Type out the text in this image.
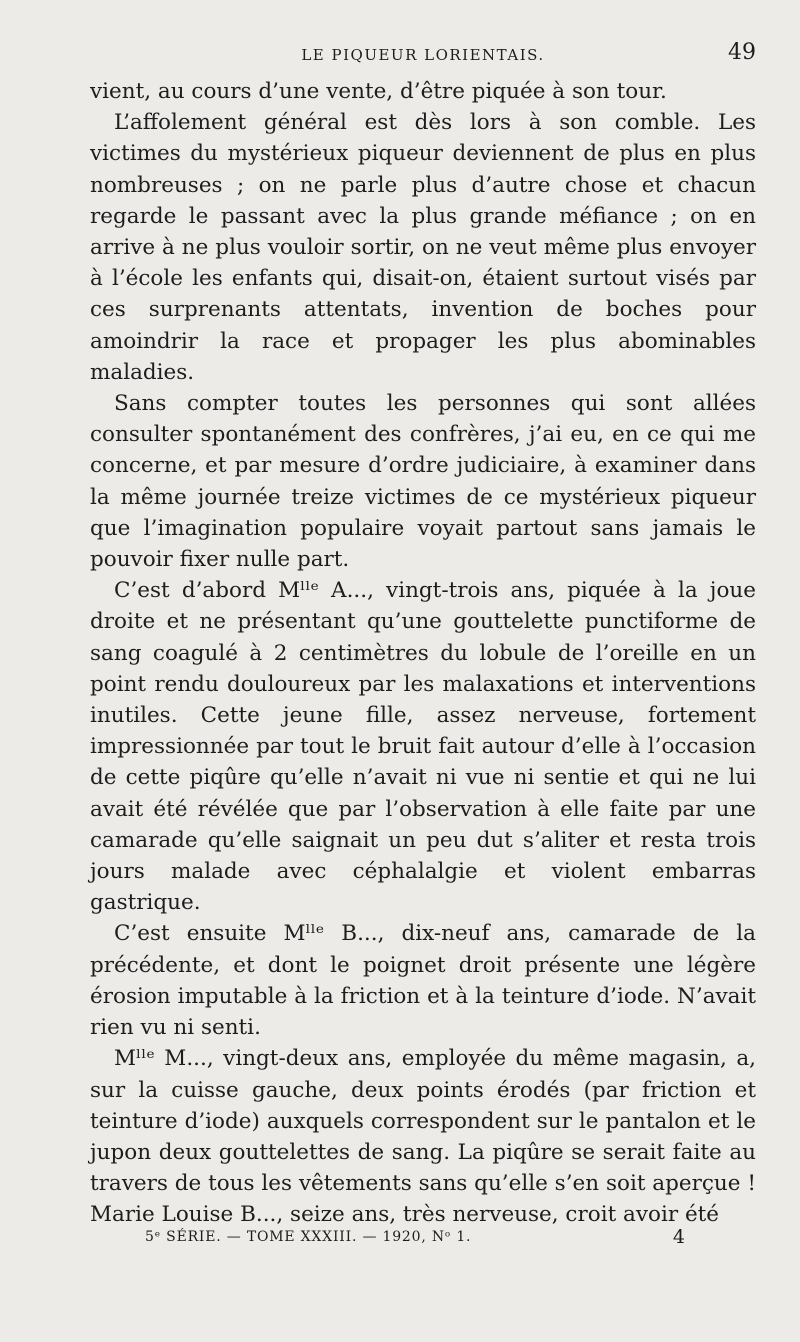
LE PIQUEUR LORIENTAIS.	49

vient, au cours d’une vente, d’être piquée à son tour.

L’affolement général est dès lors à son comble. Les victimes du mystérieux piqueur deviennent de plus en plus nombreuses ; on ne parle plus d’autre chose et chacun regarde le passant avec la plus grande méfiance ; on en arrive à ne plus vouloir sortir, on ne veut même plus envoyer à l’école les enfants qui, disait-on, étaient surtout visés par ces surprenants attentats, invention de boches pour amoindrir la race et propager les plus abominables maladies.

Sans compter toutes les personnes qui sont allées consulter spontanément des confrères, j’ai eu, en ce qui me concerne, et par mesure d’ordre judiciaire, à examiner dans la même journée treize victimes de ce mystérieux piqueur que l’imagination populaire voyait partout sans jamais le pouvoir fixer nulle part.

C’est d’abord Mˡˡᵉ A..., vingt-trois ans, piquée à la joue droite et ne présentant qu’une gouttelette punctiforme de sang coagulé à 2 centimètres du lobule de l’oreille en un point rendu douloureux par les malaxations et interventions inutiles. Cette jeune fille, assez nerveuse, fortement impressionnée par tout le bruit fait autour d’elle à l’occasion de cette piqûre qu’elle n’avait ni vue ni sentie et qui ne lui avait été révélée que par l’observation à elle faite par une camarade qu’elle saignait un peu dut s’aliter et resta trois jours malade avec céphalalgie et violent embarras gastrique.

C’est ensuite Mˡˡᵉ B..., dix-neuf ans, camarade de la précédente, et dont le poignet droit présente une légère érosion imputable à la friction et à la teinture d’iode. N’avait rien vu ni senti.

Mˡˡᵉ M..., vingt-deux ans, employée du même magasin, a, sur la cuisse gauche, deux points érodés (par friction et teinture d’iode) auxquels correspondent sur le pantalon et le jupon deux gouttelettes de sang. La piqûre se serait faite au travers de tous les vêtements sans qu’elle s’en soit aperçue ! Marie Louise B..., seize ans, très nerveuse, croit avoir été

5ᵉ SÉRIE. — TOME XXXIII. — 1920, Nᵒ 1.	4
